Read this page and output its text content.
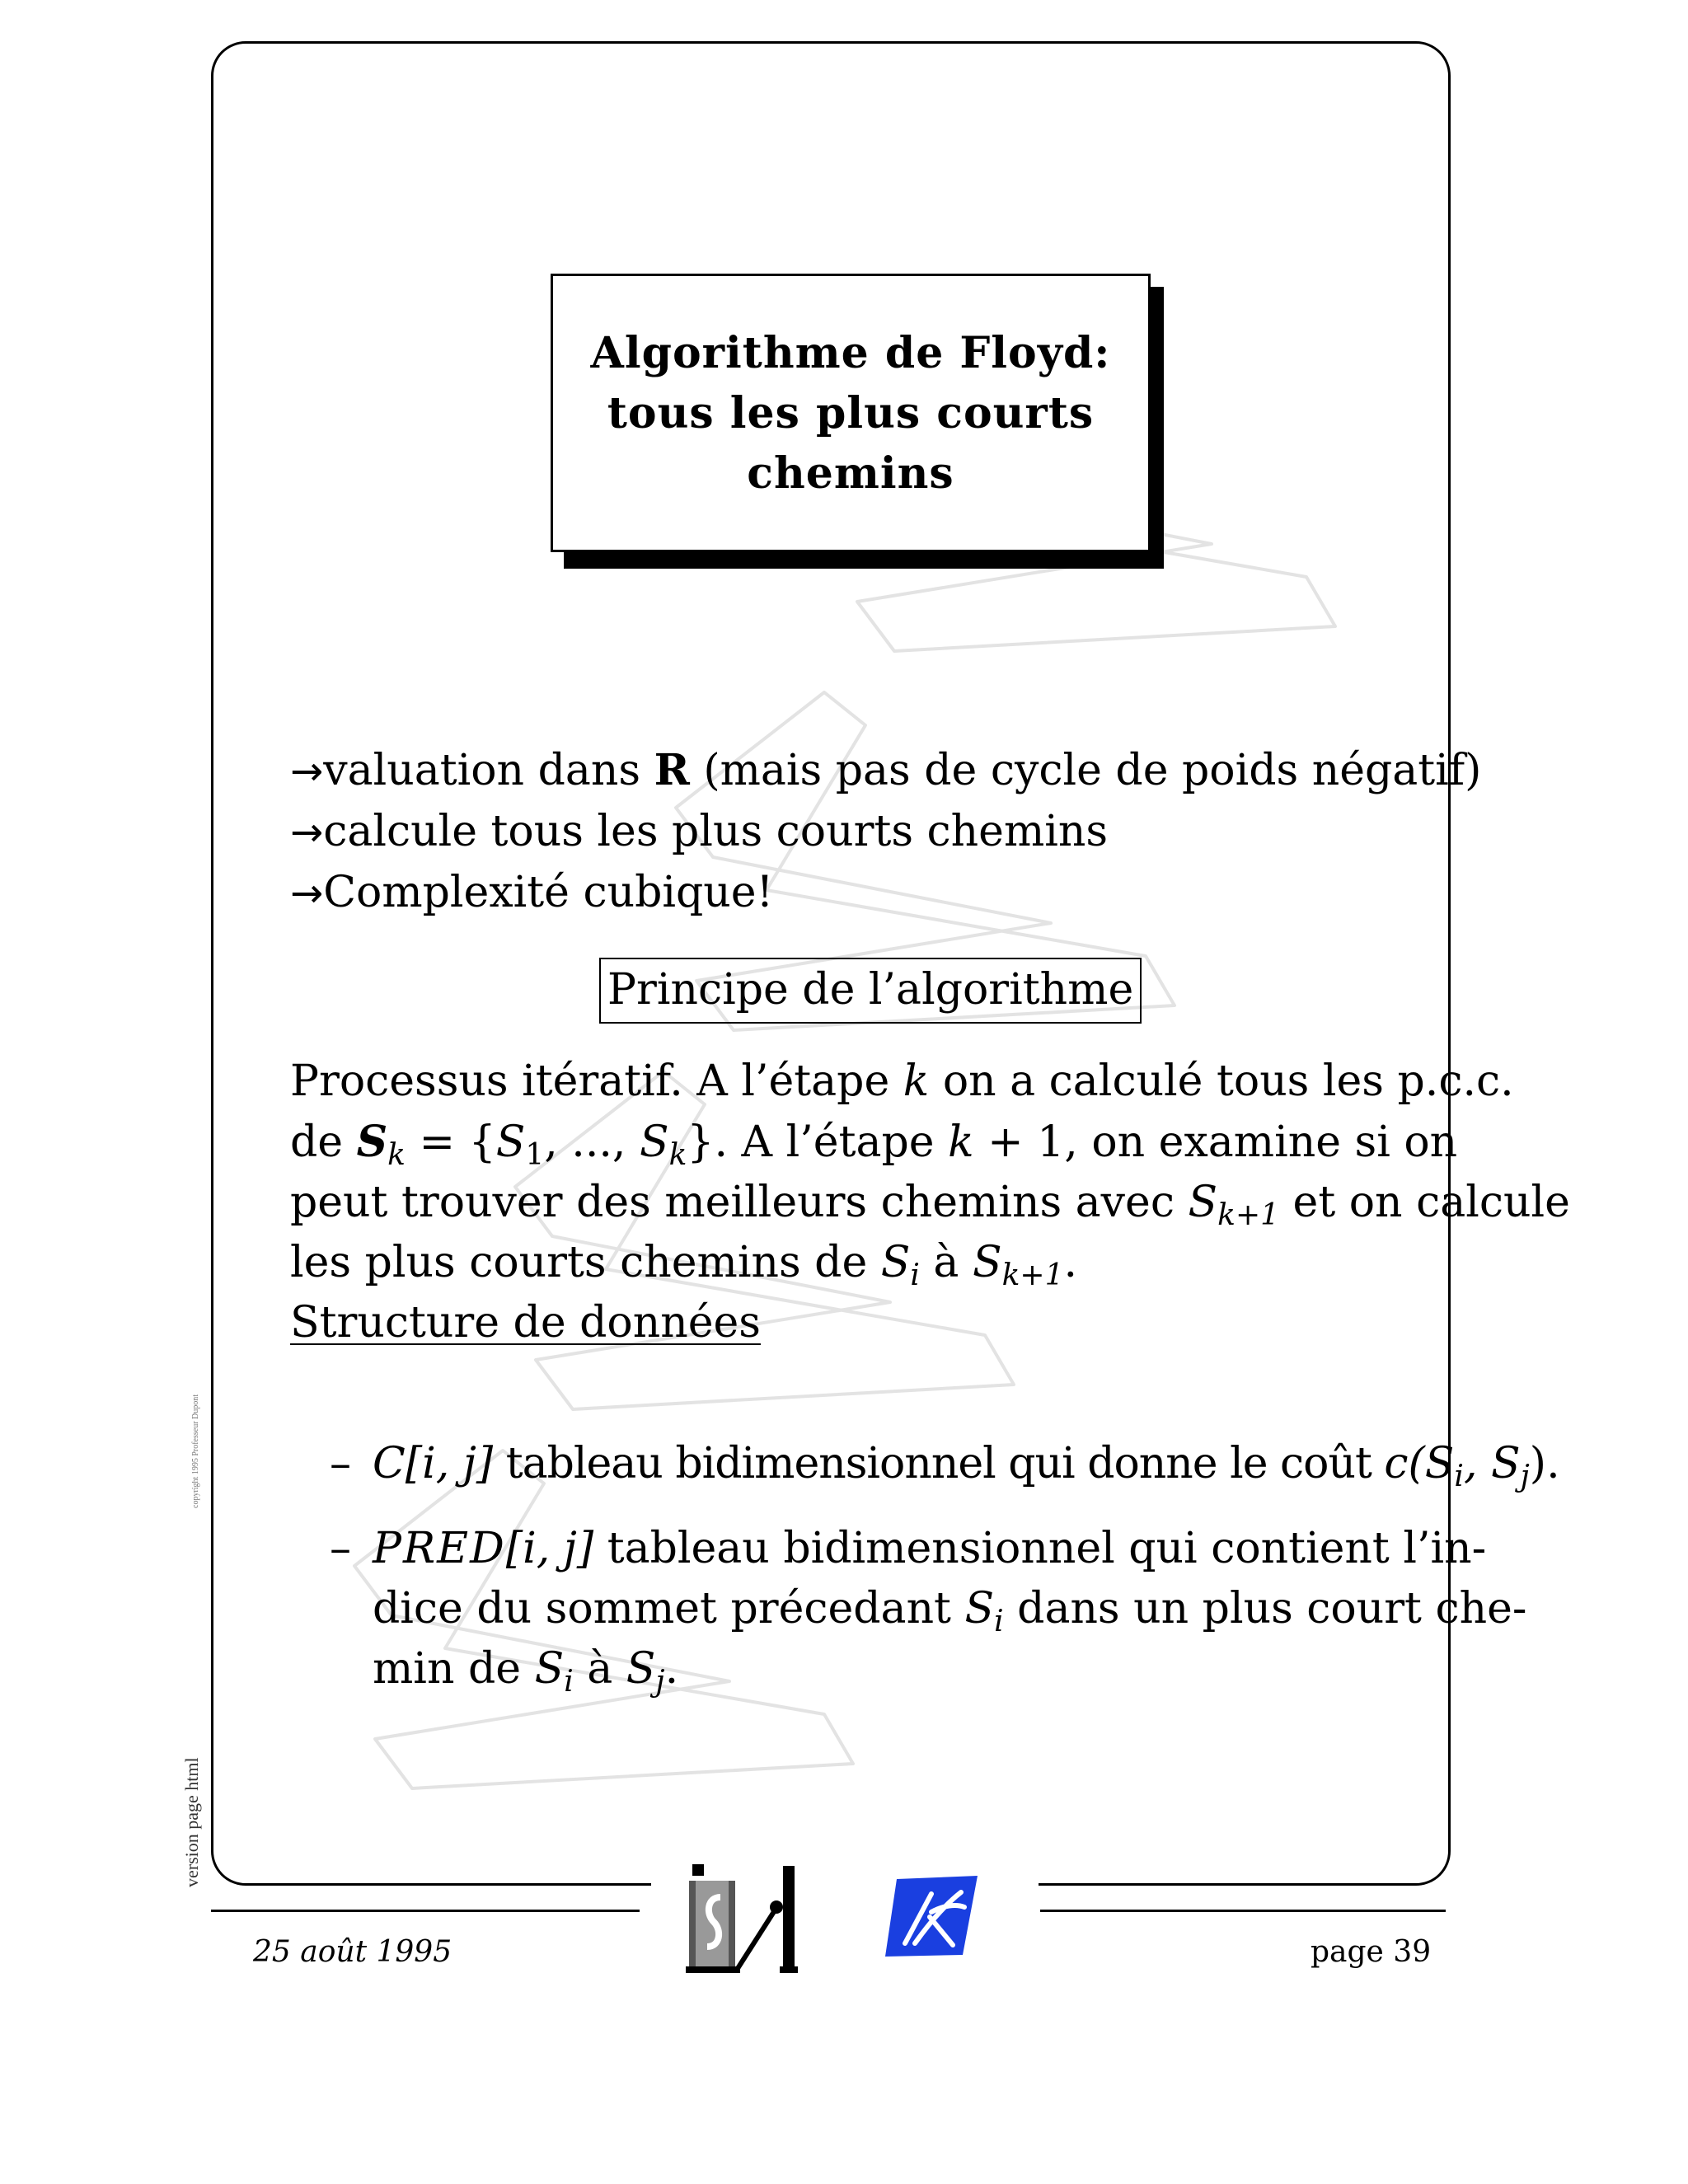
Algorithme de Floyd:
tous les plus courts
chemins
→valuation dans R (mais pas de cycle de poids négatif)
→calcule tous les plus courts chemins
→Complexité cubique!
Principe de l’algorithme
Processus itératif. A l’étape k on a calculé tous les p.c.c.
de $S_k = \{S_1$, ..., $S_k$}. A l’étape k + 1, on examine si on
peut trouver des meilleurs chemins avec $S_{k+1}$ et on calcule
les plus courts chemins de $S_i$ à $S_{k+1}$.
Structure de données
– C[i, j] tableau bidimensionnel qui donne le coût $c(S_i$, $S_j$).
– PRED[i, j] tableau bidimensionnel qui contient l’in-
dice du sommet précedant $S_i$ dans un plus court che-
min de $S_i$ à $S_j$.
25 août 1995	page 39
copyright 1995 Professeur Dupont
version page html
